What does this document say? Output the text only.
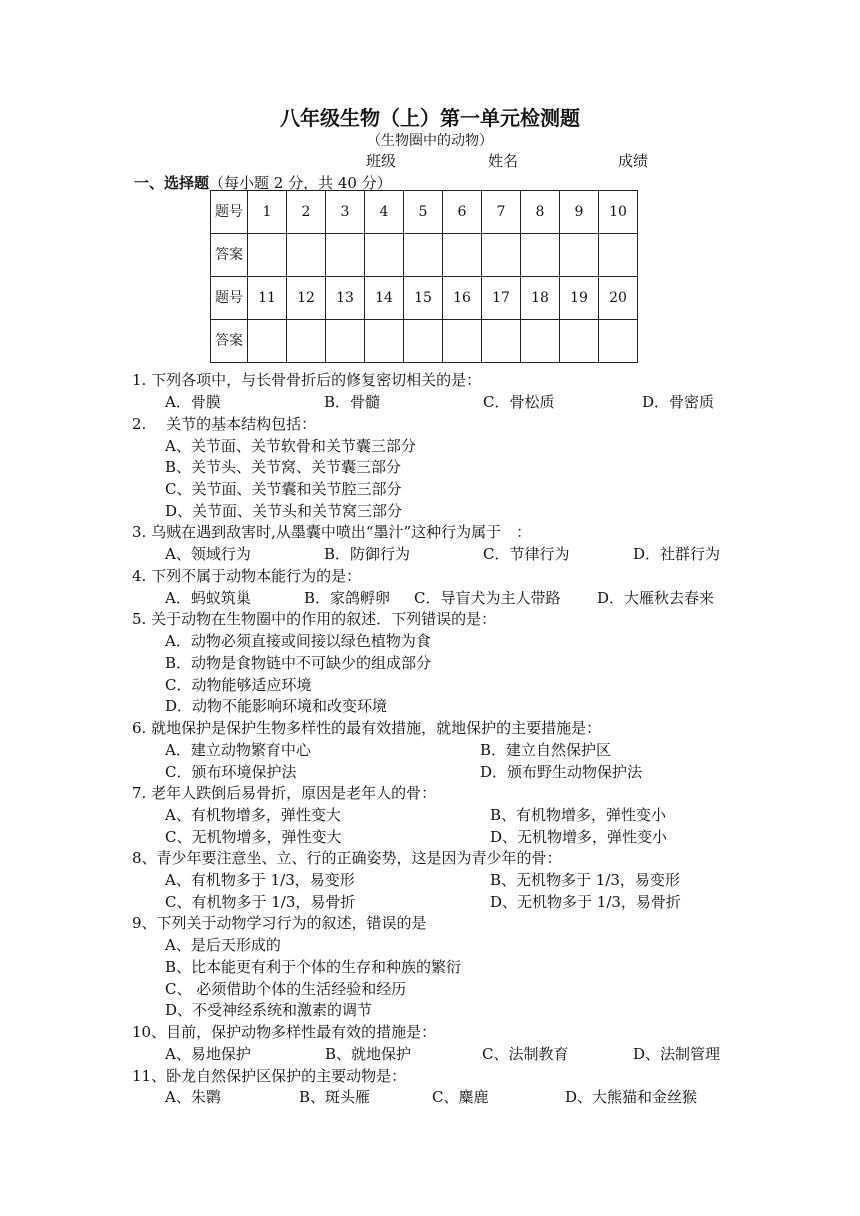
八年级生物（上）第一单元检测题
（生物圈中的动物）
班级	姓名	成绩
一、选择题（每小题 2 分，共 40 分）
题号	1	2	3	4	5	6	7	8	9	10
答案										
题号	11	12	13	14	15	16	17	18	19	20
答案										
1. 下列各项中，与长骨骨折后的修复密切相关的是：
A．骨膜	B．骨髓	C．骨松质	D．骨密质
2.　 关节的基本结构包括：
A、关节面、关节软骨和关节囊三部分
B、关节头、关节窝、关节囊三部分
C、关节面、关节囊和关节腔三部分
D、关节面、关节头和关节窝三部分
3. 乌贼在遇到敌害时,从墨囊中喷出“墨汁”这种行为属于　：
A、领域行为	B．防御行为	C．节律行为	D．社群行为
4. 下列不属于动物本能行为的是：
A．蚂蚁筑巢	B．家鸽孵卵 C．导盲犬为主人带路 D．大雁秋去春来
5. 关于动物在生物圈中的作用的叙述．下列错误的是：
A．动物必须直接或间接以绿色植物为食
B．动物是食物链中不可缺少的组成部分
C．动物能够适应环境
D．动物不能影响环境和改变环境
6. 就地保护是保护生物多样性的最有效措施，就地保护的主要措施是：
A．建立动物繁育中心	B．建立自然保护区
C．颁布环境保护法	D．颁布野生动物保护法
7. 老年人跌倒后易骨折，原因是老年人的骨：
A、有机物增多，弹性变大	B、有机物增多，弹性变小
C、无机物增多，弹性变大	D、无机物增多，弹性变小
8、青少年要注意坐、立、行的正确姿势，这是因为青少年的骨：
A、有机物多于 1/3，易变形	B、无机物多于 1/3，易变形
C、有机物多于 1/3，易骨折	D、无机物多于 1/3，易骨折
9、下列关于动物学习行为的叙述，错误的是
A、是后天形成的
B、比本能更有利于个体的生存和种族的繁衍
C、 必须借助个体的生活经验和经历
D、不受神经系统和激素的调节
10、目前，保护动物多样性最有效的措施是：
A、易地保护	B、就地保护	C、法制教育	D、法制管理
11、卧龙自然保护区保护的主要动物是：
A、朱鹮	B、斑头雁	C、麋鹿	D、大熊猫和金丝猴
